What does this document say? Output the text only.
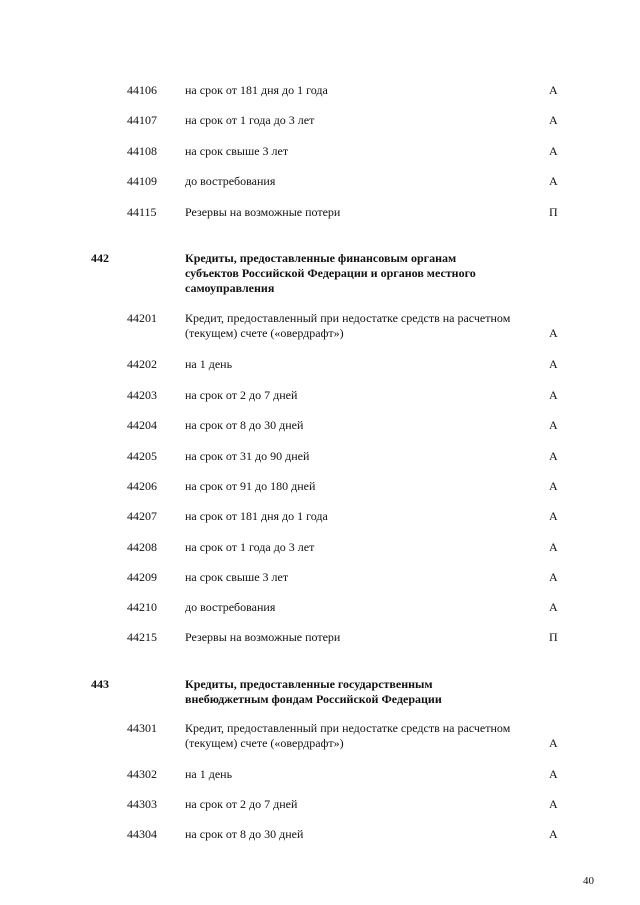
44106 на срок от 181 дня до 1 года	А
44107 на срок от 1 года до 3 лет	А
44108 на срок свыше 3 лет	А
44109 до востребования	А
44115 Резервы на возможные потери	П
442	Кредиты, предоставленные финансовым органам субъектов Российской Федерации и органов местного самоуправления
44201 Кредит, предоставленный при недостатке средств на расчетном (текущем) счете («овердрафт»)	А
44202 на 1 день	А
44203 на срок от 2 до 7 дней	А
44204 на срок от 8 до 30 дней	А
44205 на срок от 31 до 90 дней	А
44206 на срок от 91 до 180 дней	А
44207 на срок от 181 дня до 1 года	А
44208 на срок от 1 года до 3 лет	А
44209 на срок свыше 3 лет	А
44210 до востребования	А
44215 Резервы на возможные потери	П
443	Кредиты, предоставленные государственным внебюджетным фондам Российской Федерации
44301 Кредит, предоставленный при недостатке средств на расчетном (текущем) счете («овердрафт»)	А
44302 на 1 день	А
44303 на срок от 2 до 7 дней	А
44304 на срок от 8 до 30 дней	А
40
